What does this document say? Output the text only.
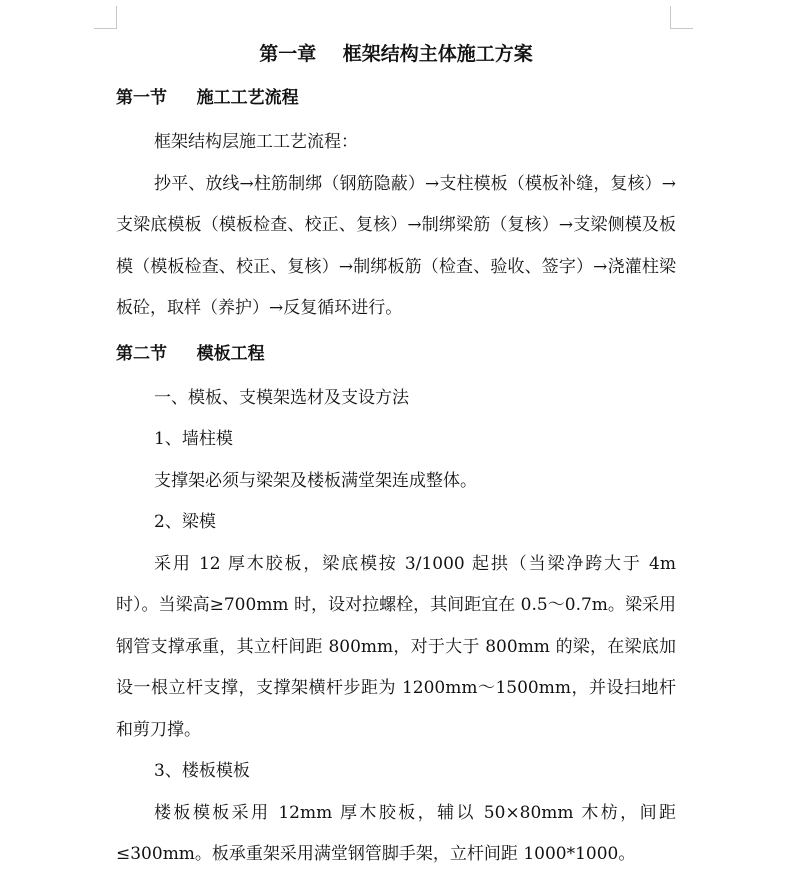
第一章    框架结构主体施工方案
第一节     施工工艺流程
框架结构层施工工艺流程：

抄平、放线→柱筋制绑（钢筋隐蔽）→支柱模板（模板补缝，复核）→支梁底模板（模板检查、校正、复核）→制绑梁筋（复核）→支梁侧模及板模（模板检查、校正、复核）→制绑板筋（检查、验收、签字）→浇灌柱梁板砼，取样（养护）→反复循环进行。

第二节     模板工程
一、模板、支模架选材及支设方法
1、墙柱模
支撑架必须与梁架及楼板满堂架连成整体。
2、梁模

采用 12 厚木胶板，梁底模按 3/1000 起拱（当梁净跨大于 4m 时）。当梁高≥700mm 时，设对拉螺栓，其间距宜在 0.5～0.7m。梁采用钢管支撑承重，其立杆间距 800mm，对于大于 800mm 的梁，在梁底加设一根立杆支撑，支撑架横杆步距为 1200mm～1500mm，并设扫地杆和剪刀撑。

3、楼板模板

楼板模板采用 12mm 厚木胶板，辅以 50×80mm 木枋，间距≤300mm。板承重架采用满堂钢管脚手架，立杆间距 1000*1000。
